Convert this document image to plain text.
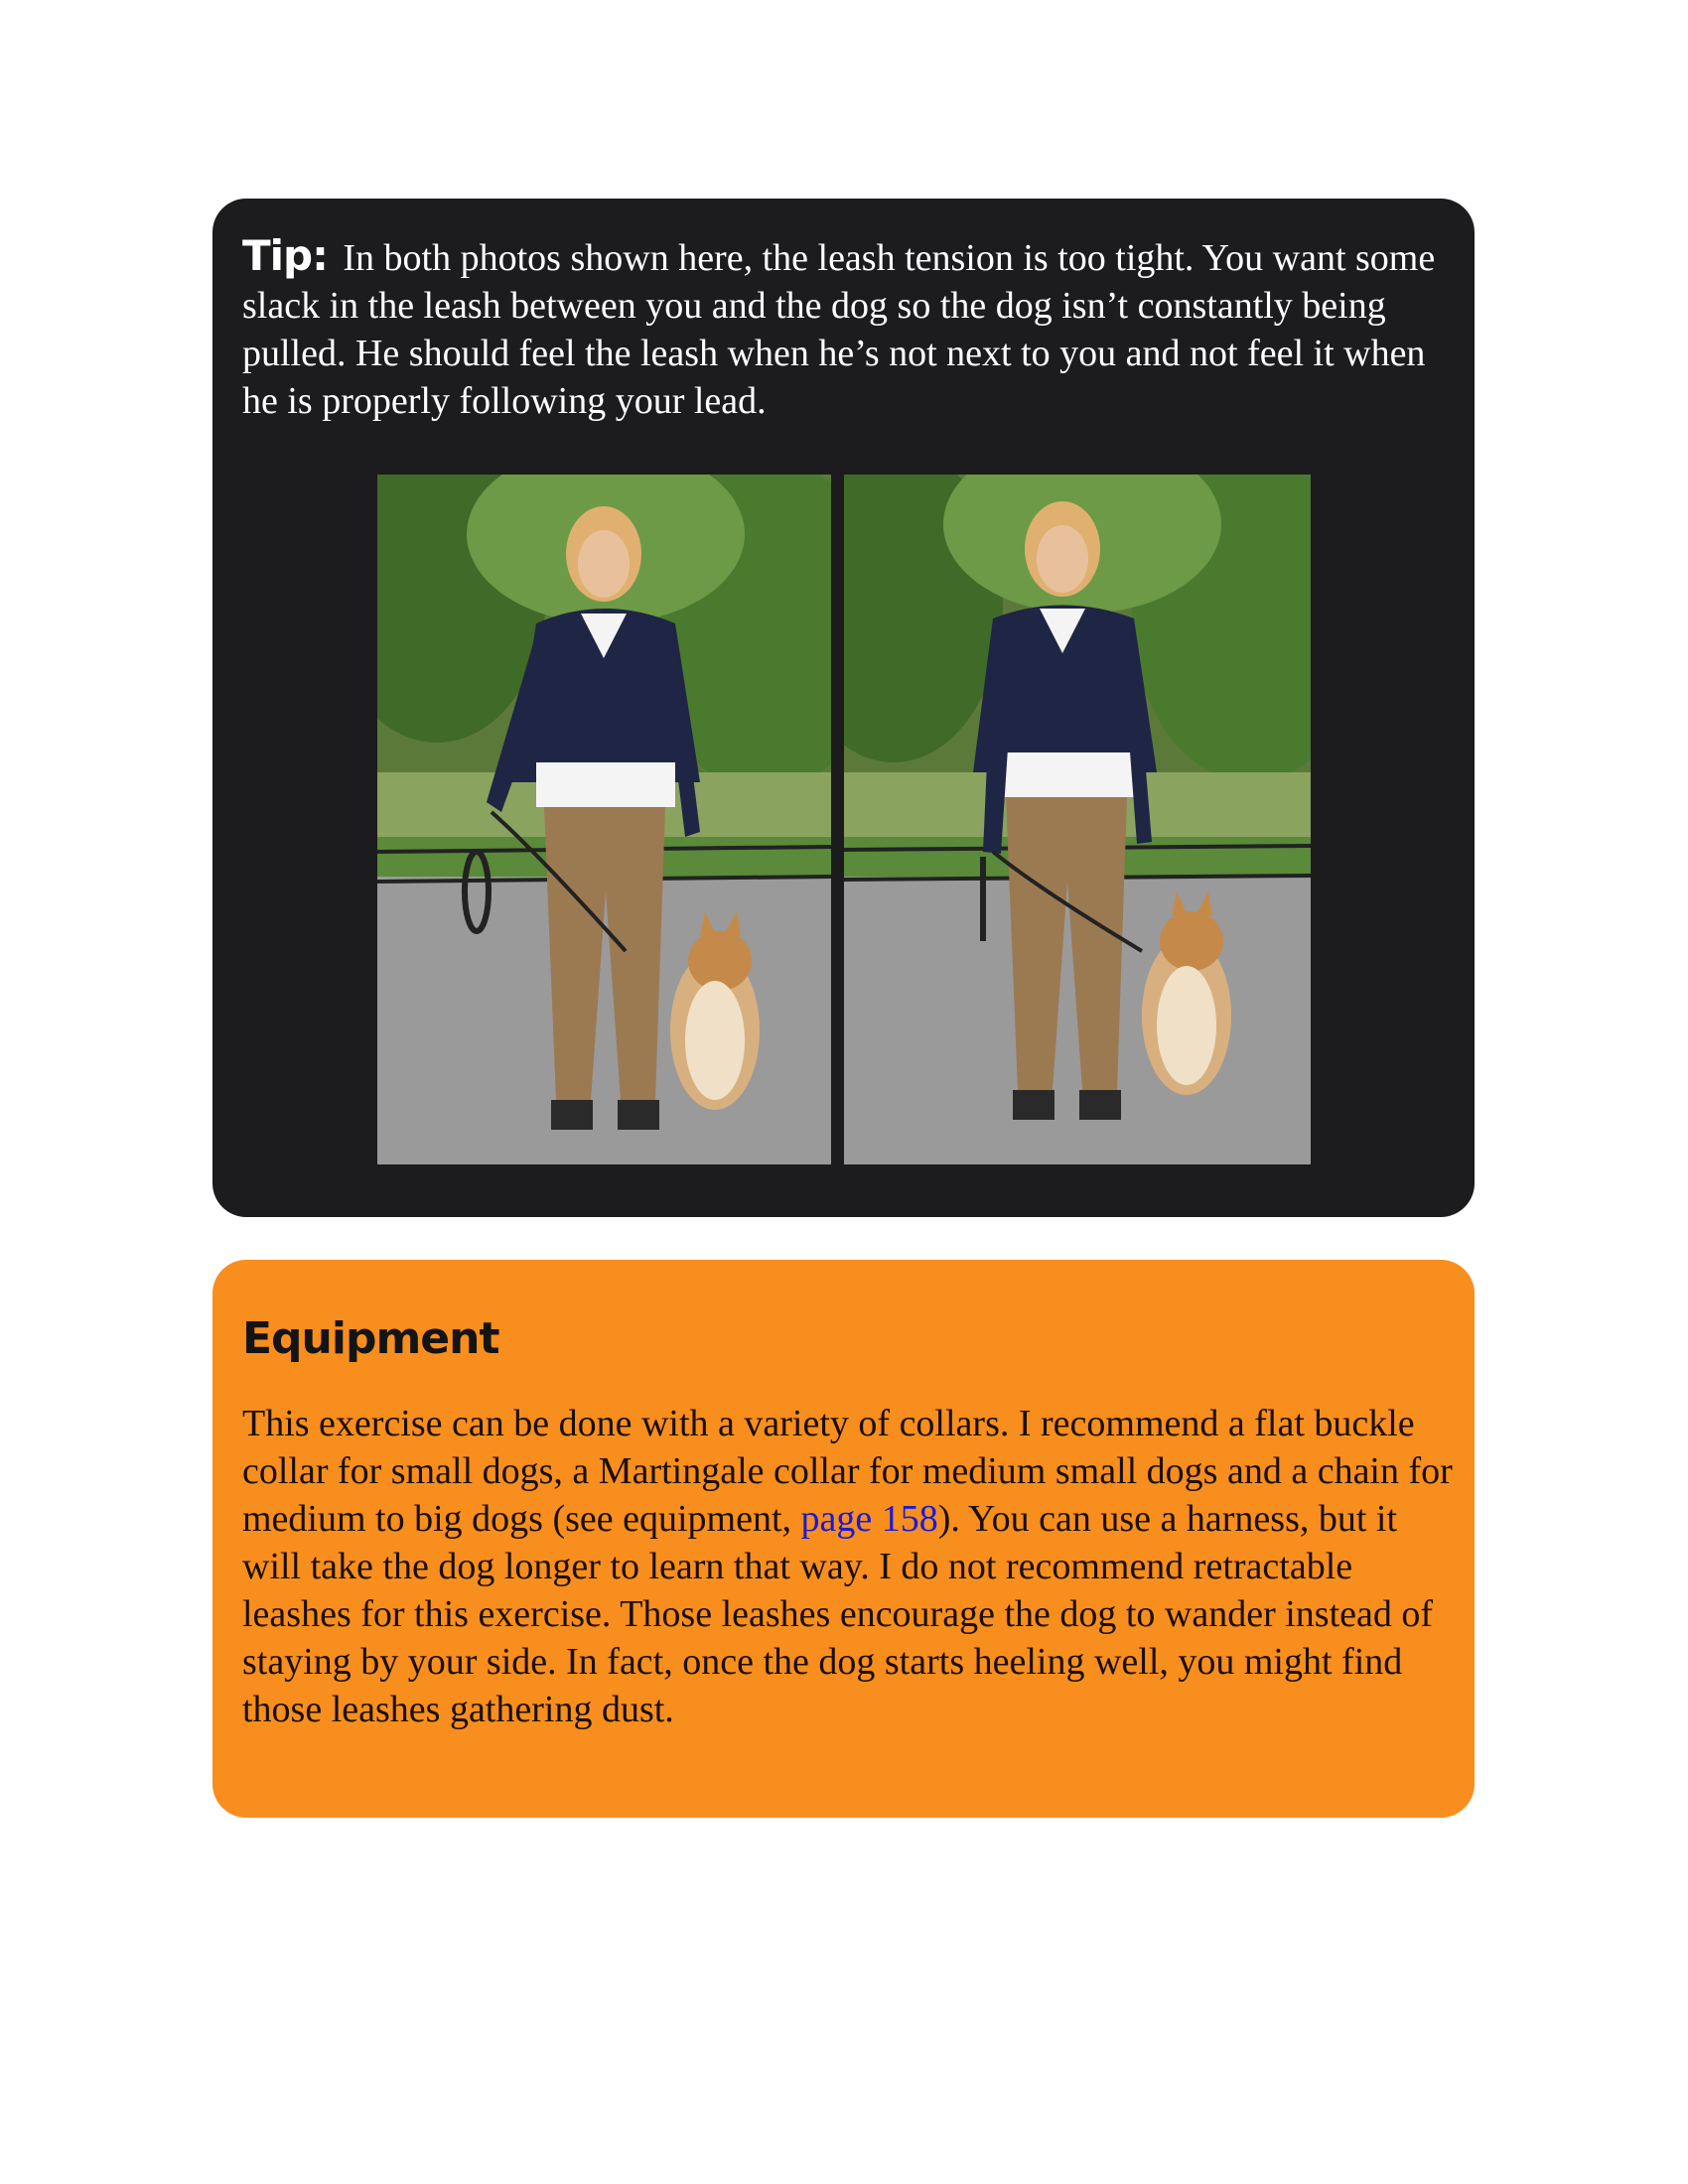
Tip: In both photos shown here, the leash tension is too tight. You want some slack in the leash between you and the dog so the dog isn’t constantly being pulled. He should feel the leash when he’s not next to you and not feel it when he is properly following your lead.

Equipment

This exercise can be done with a variety of collars. I recommend a flat buckle collar for small dogs, a Martingale collar for medium small dogs and a chain for medium to big dogs (see equipment, page 158). You can use a harness, but it will take the dog longer to learn that way. I do not recommend retractable leashes for this exercise. Those leashes encourage the dog to wander instead of staying by your side. In fact, once the dog starts heeling well, you might find those leashes gathering dust.
